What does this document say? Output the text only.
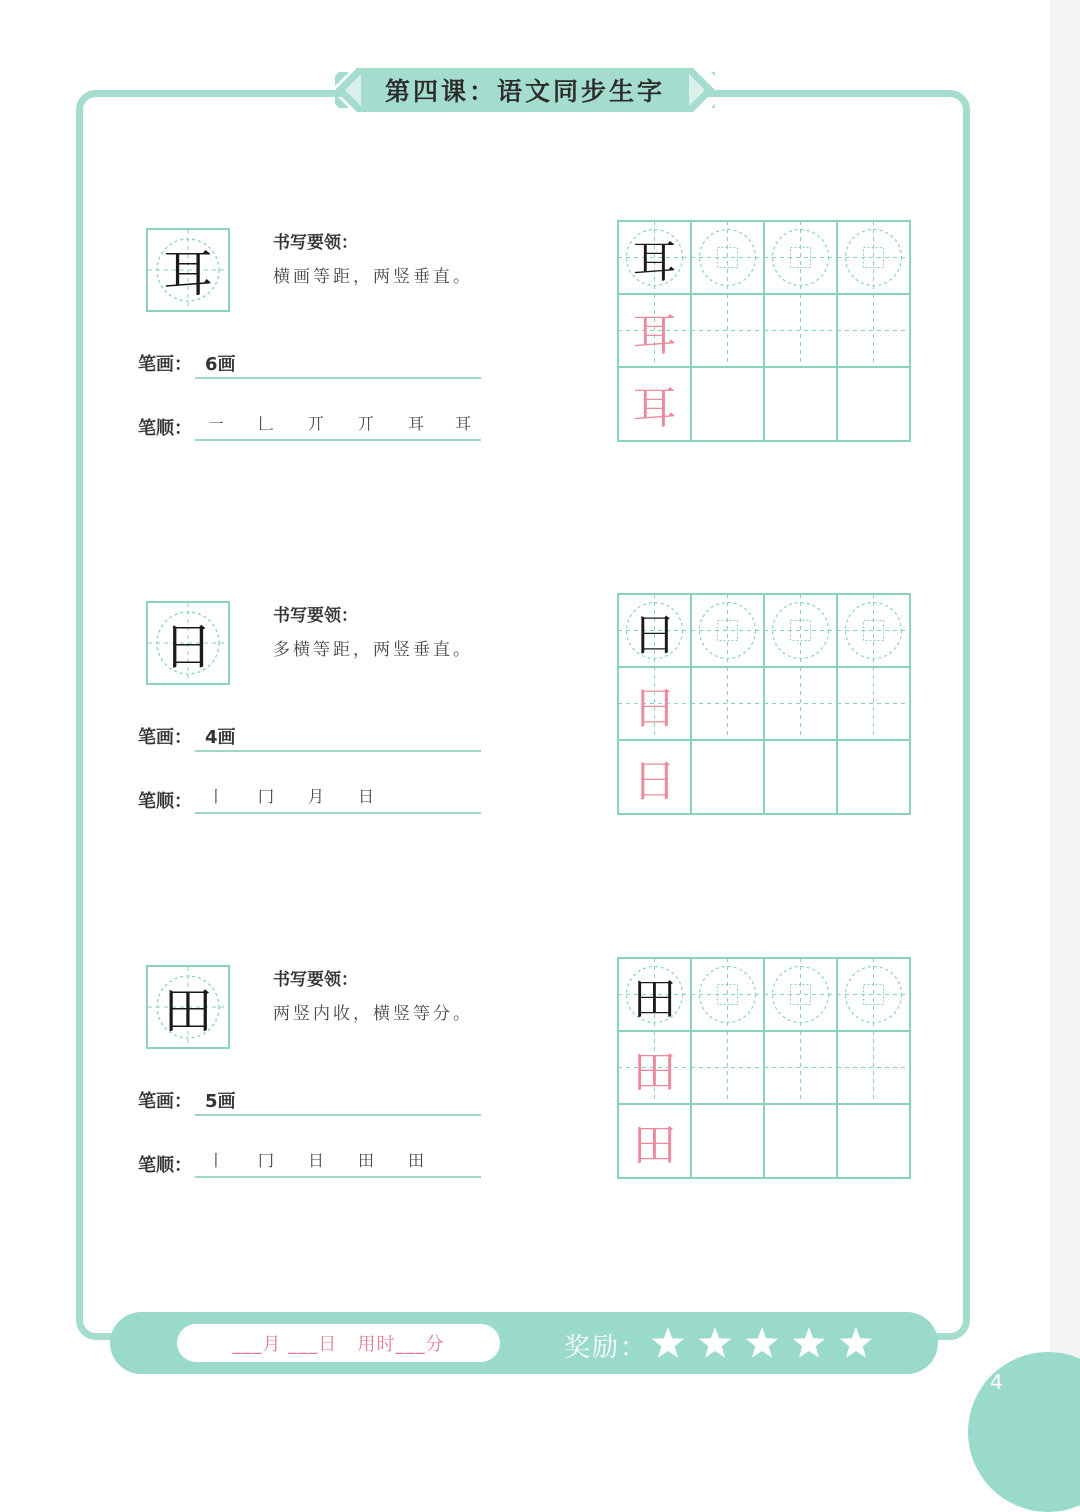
第四课：语文同步生字
耳
书写要领：
横画等距，两竖垂直。
笔画： 6画
笔顺： ㇐ 𠃊 丌 丌 耳 耳
耳
耳
耳
日
书写要领：
多横等距，两竖垂直。
笔画： 4画
笔顺： 丨 冂 月 日
日
日
日
田
书写要领：
两竖内收，横竖等分。
笔画： 5画
笔顺： 丨 冂 日 田 田
田
田
田
___月
___日
用时___分	奖励：
4
